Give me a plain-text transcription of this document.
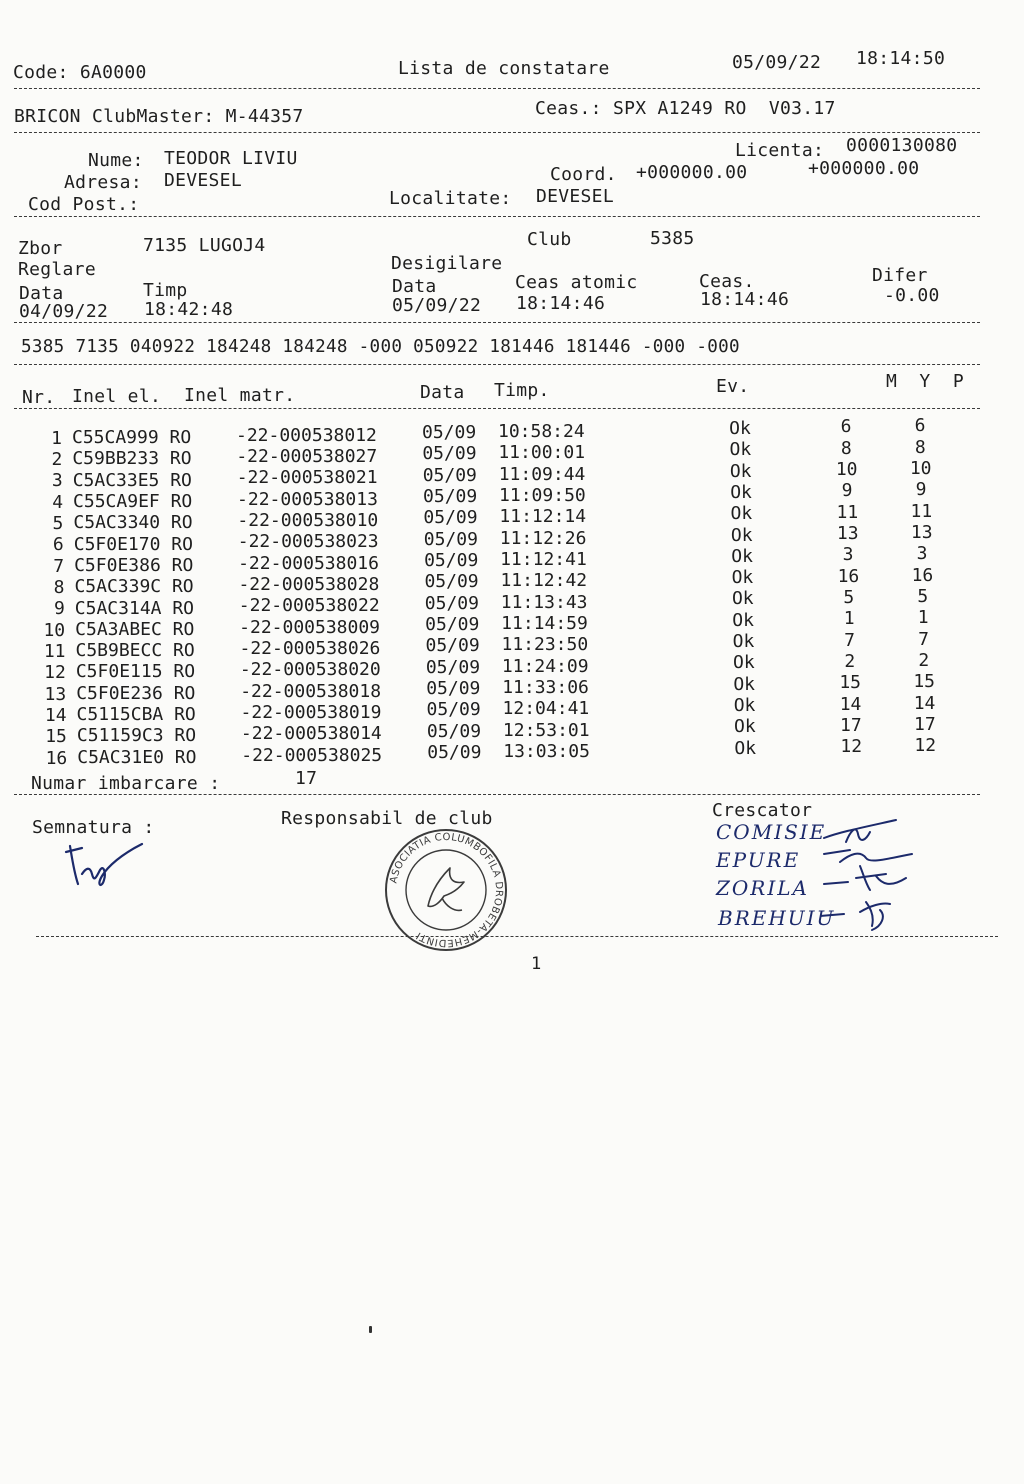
Code: 6A0000	Lista de constatare	05/09/22 18:14:50
BRICON ClubMaster: M-44357	Ceas.: SPX A1249 RO  V03.17
Nume: TEODOR LIVIU
Adresa: DEVESEL
Cod Post.:
Licenta: 0000130080
Coord. +000000.00	+000000.00
Localitate: DEVESEL
Zbor	7135 LUGOJ4	Club	5385
Reglare	Desigilare
Data	Timp	Data	Ceas atomic	Ceas.	Difer
04/09/22 18:42:48	05/09/22 18:14:46	18:14:46	-0.00
5385 7135 040922 184248 184248 -000 050922 181446 181446 -000 -000
Nr. Inel el. Inel matr.	Data Timp.	Ev.	M  Y  P
1 C55CA999 RO -22-000538012	05/09 10:58:24	Ok	6	6
2 C59BB233 RO -22-000538027	05/09 11:00:01	Ok	8	8
3 C5AC33E5 RO -22-000538021	05/09 11:09:44	Ok	10	10
4 C55CA9EF RO -22-000538013	05/09 11:09:50	Ok	9	9
5 C5AC3340 RO -22-000538010	05/09 11:12:14	Ok	11	11
6 C5F0E170 RO -22-000538023	05/09 11:12:26	Ok	13	13
7 C5F0E386 RO -22-000538016	05/09 11:12:41	Ok	3	3
8 C5AC339C RO -22-000538028	05/09 11:12:42	Ok	16	16
9 C5AC314A RO -22-000538022	05/09 11:13:43	Ok	5	5
10 C5A3ABEC RO -22-000538009	05/09 11:14:59	Ok	1	1
11 C5B9BECC RO -22-000538026	05/09 11:23:50	Ok	7	7
12 C5F0E115 RO -22-000538020	05/09 11:24:09	Ok	2	2
13 C5F0E236 RO -22-000538018	05/09 11:33:06	Ok	15	15
14 C5115CBA RO -22-000538019	05/09 12:04:41	Ok	14	14
15 C51159C3 RO -22-000538014	05/09 12:53:01	Ok	17	17
16 C5AC31E0 RO -22-000538025	05/09 13:03:05	Ok	12	12
Numar imbarcare :	17
Semnatura :	Responsabil de club	Crescator
ASOCIATIA COLUMBOFILA DROBETA-MEHEDINTI
COMISIE
EPURE
ZORILA
BREHUIU
1
